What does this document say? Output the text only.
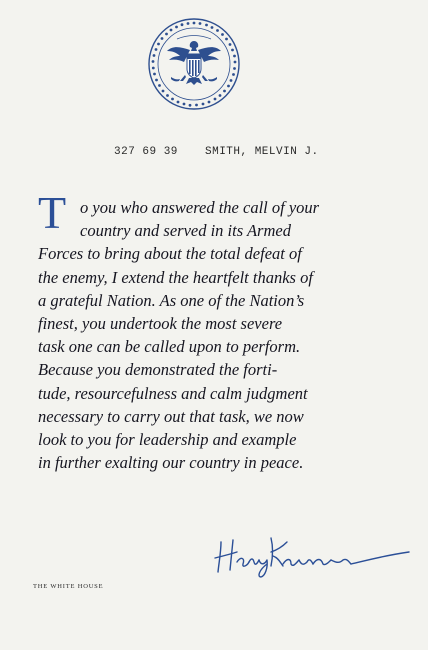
327 69 39 SMITH, MELVIN J.
T o you who answered the call of your
country and served in its Armed
Forces to bring about the total defeat of
the enemy, I extend the heartfelt thanks of
a grateful Nation. As one of the Nation’s
finest, you undertook the most severe
task one can be called upon to perform.
Because you demonstrated the forti-
tude, resourcefulness and calm judgment
necessary to carry out that task, we now
look to you for leadership and example
in further exalting our country in peace.
THE WHITE HOUSE
